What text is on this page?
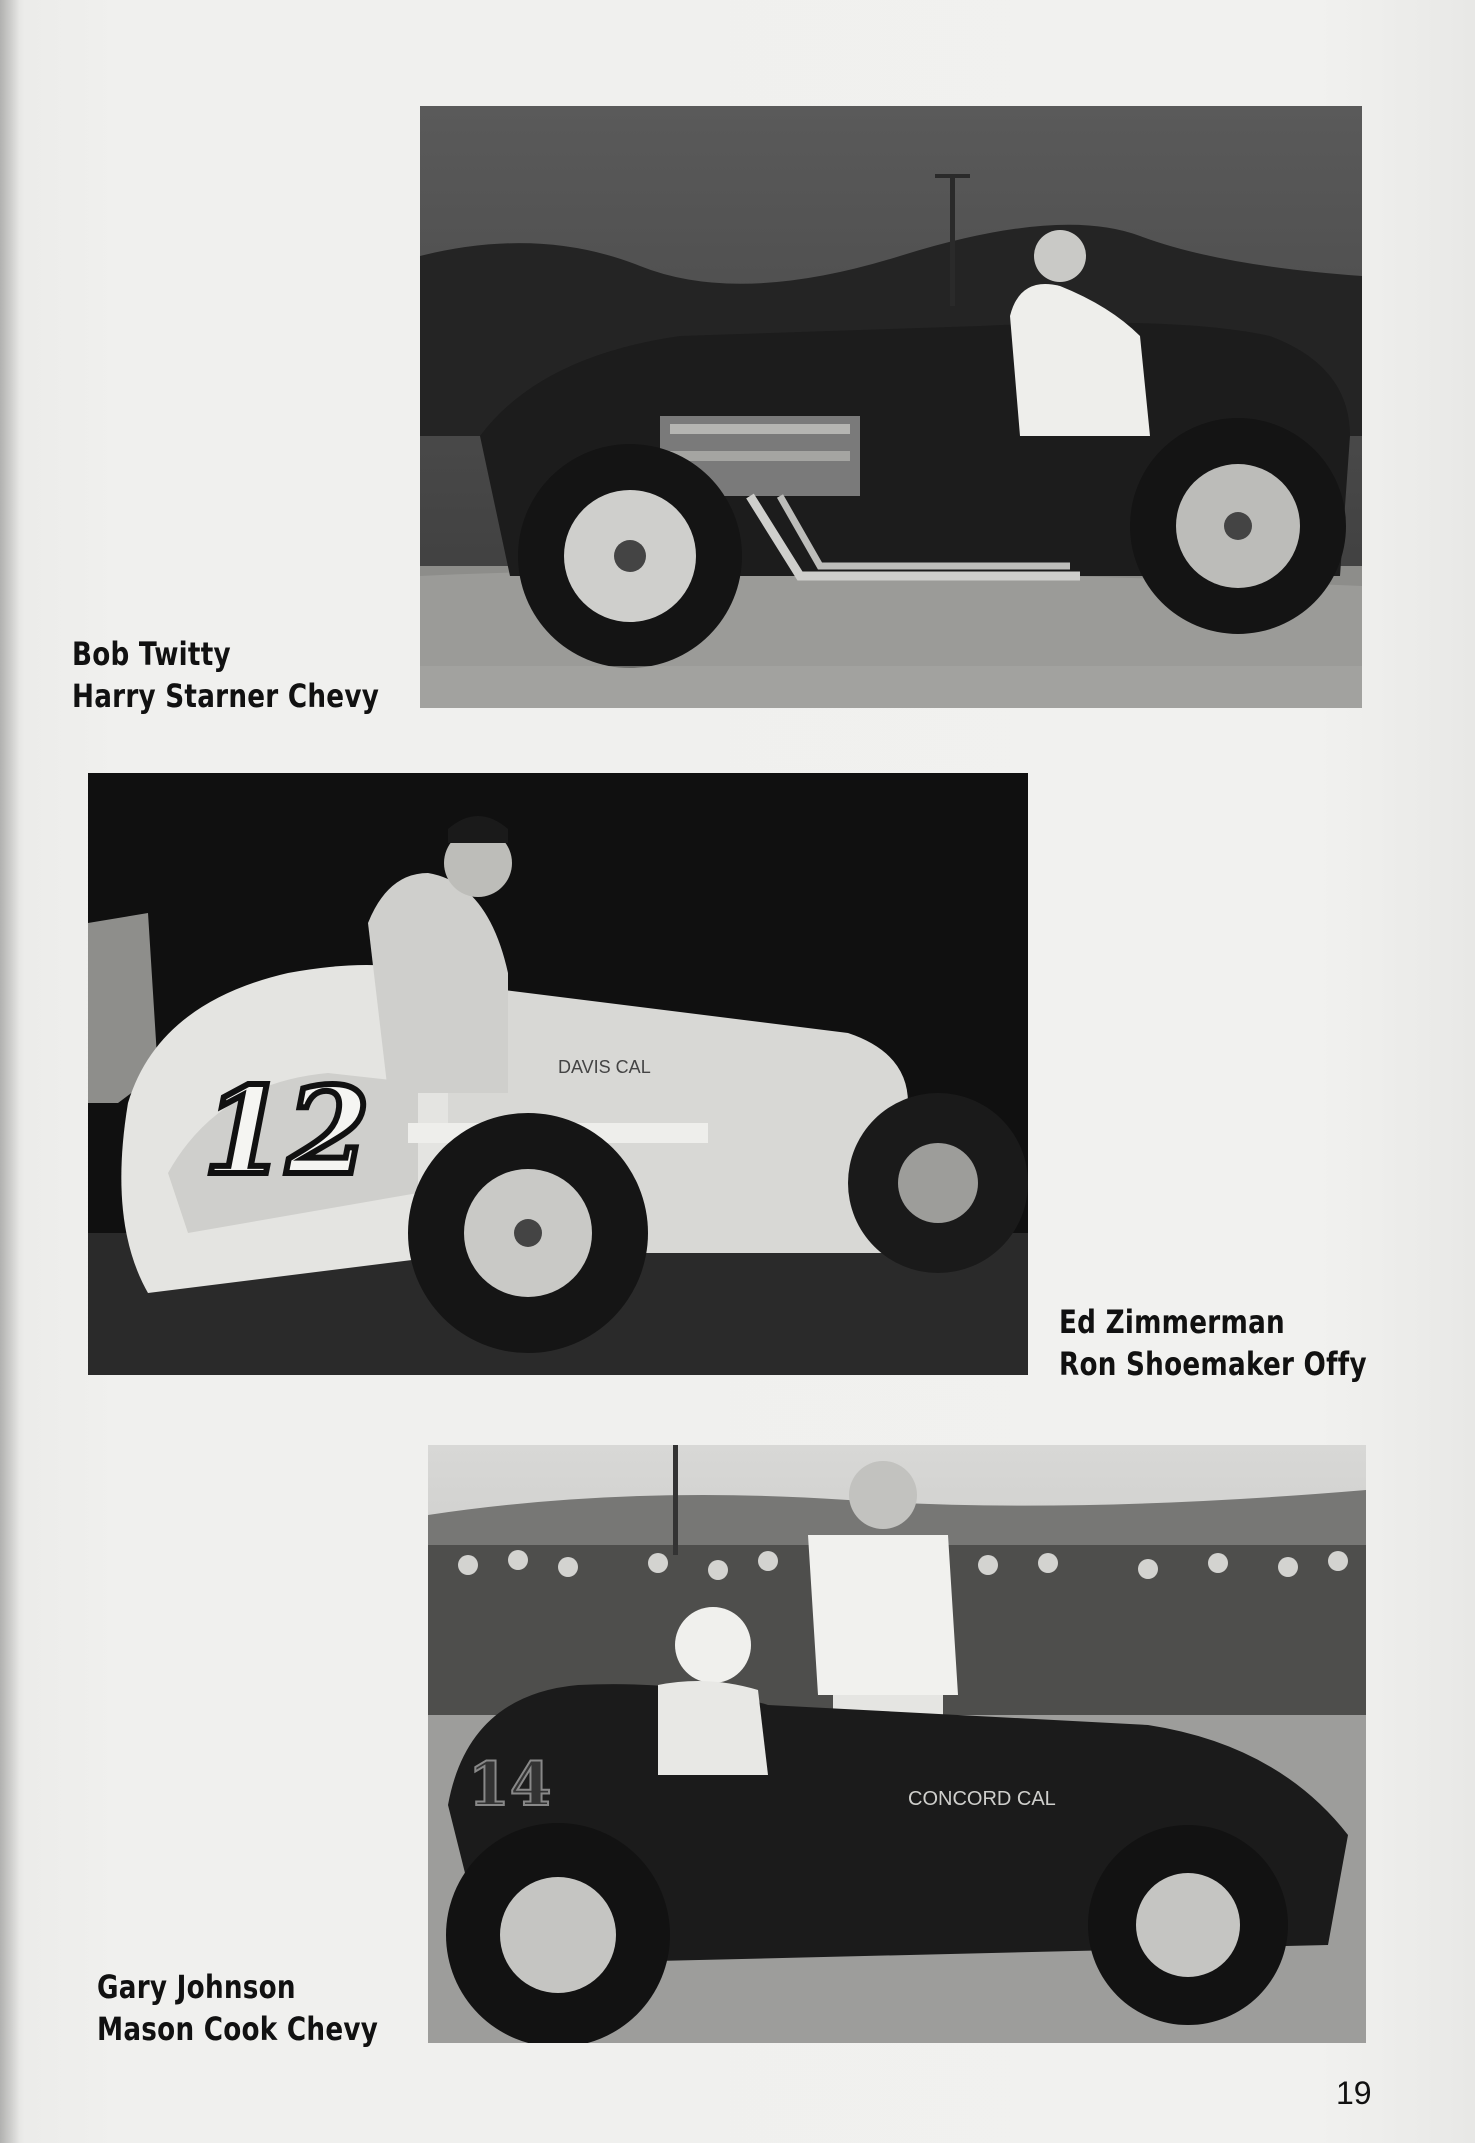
Bob Twitty
Harry Starner Chevy
12	DAVIS CAL
Ed Zimmerman
Ron Shoemaker Offy
14	CONCORD CAL
Gary Johnson
Mason Cook Chevy
19
